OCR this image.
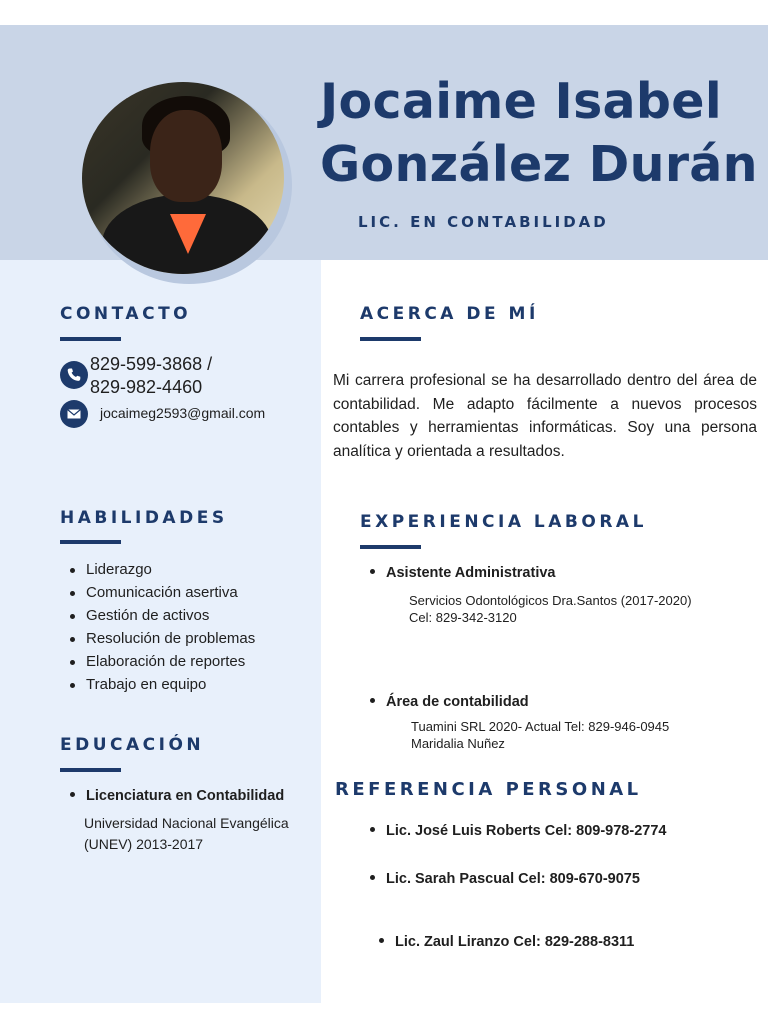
Jocaime Isabel
González Durán
LIC. EN CONTABILIDAD
CONTACTO
829-599-3868 /
829-982-4460
jocaimeg2593@gmail.com
HABILIDADES
Liderazgo
Comunicación asertiva
Gestión de activos
Resolución de problemas
Elaboración de reportes
Trabajo en equipo
EDUCACIÓN
Licenciatura en Contabilidad
Universidad Nacional Evangélica
(UNEV) 2013-2017
ACERCA DE MÍ
Mi carrera profesional se ha desarrollado dentro del área de contabilidad. Me adapto fácilmente a nuevos procesos contables y herramientas informáticas. Soy una persona analítica y orientada a resultados.
EXPERIENCIA LABORAL
Asistente Administrativa
Servicios Odontológicos Dra.Santos (2017-2020)
Cel: 829-342-3120
Área de contabilidad
Tuamini SRL 2020- Actual Tel: 829-946-0945
Maridalia Nuñez
REFERENCIA PERSONAL
Lic. José Luis Roberts Cel: 809-978-2774
Lic. Sarah Pascual Cel: 809-670-9075
Lic. Zaul Liranzo Cel: 829-288-8311
